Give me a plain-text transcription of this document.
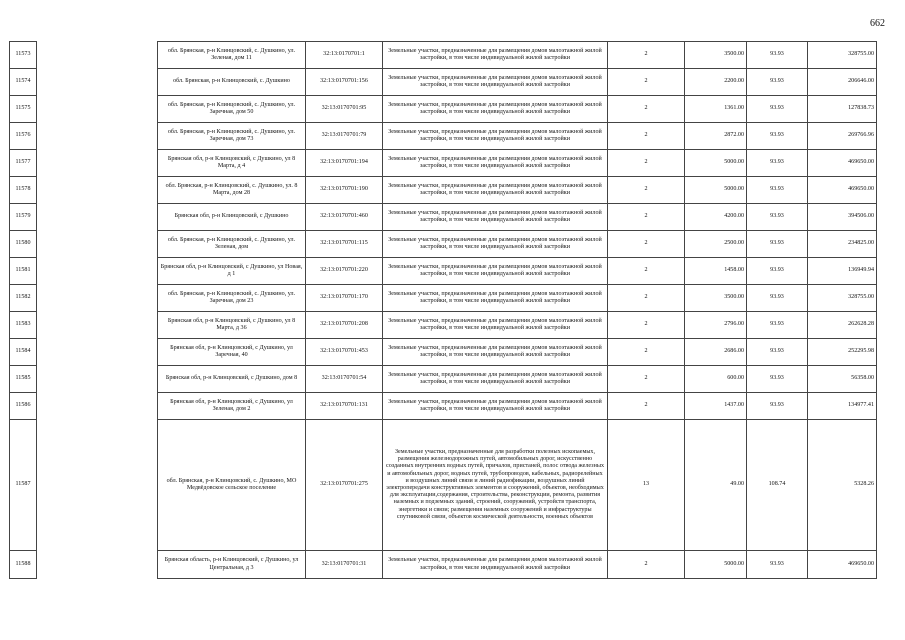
662
11573		обл. Брянская, р-н Клинцовский, с. Душкино, ул. Зеленая, дом 11	32:13:0170701:1	Земельные участки, предназначенные для размещения домов малоэтажной жилой застройки, в том числе индивидуальной жилой застройки	2	3500.00	93.93	328755.00
11574		обл. Брянская, р-н Клинцовский, с. Душкино	32:13:0170701:156	Земельные участки, предназначенные для размещения домов малоэтажной жилой застройки, в том числе индивидуальной жилой застройки	2	2200.00	93.93	206646.00
11575		обл. Брянская, р-н Клинцовский, с. Душкино, ул. Заречная, дом 50	32:13:0170701:95	Земельные участки, предназначенные для размещения домов малоэтажной жилой застройки, в том числе индивидуальной жилой застройки	2	1361.00	93.93	127838.73
11576		обл. Брянская, р-н Клинцовский, с. Душкино, ул. Заречная, дом 73	32:13:0170701:79	Земельные участки, предназначенные для размещения домов малоэтажной жилой застройки, в том числе индивидуальной жилой застройки	2	2872.00	93.93	269766.96
11577		Брянская обл, р-н Клинцовский, с Душкино, ул 8 Марта, д 4	32:13:0170701:194	Земельные участки, предназначенные для размещения домов малоэтажной жилой застройки, в том числе индивидуальной жилой застройки	2	5000.00	93.93	469650.00
11578		обл. Брянская, р-н Клинцовский, с. Душкино, ул. 8 Марта, дом 28	32:13:0170701:190	Земельные участки, предназначенные для размещения домов малоэтажной жилой застройки, в том числе индивидуальной жилой застройки	2	5000.00	93.93	469650.00
11579		Брянская обл, р-н Клинцовский, с Душкино	32:13:0170701:460	Земельные участки, предназначенные для размещения домов малоэтажной жилой застройки, в том числе индивидуальной жилой застройки	2	4200.00	93.93	394506.00
11580		обл. Брянская, р-н Клинцовский, с. Душкино, ул. Зеленая, дом	32:13:0170701:115	Земельные участки, предназначенные для размещения домов малоэтажной жилой застройки, в том числе индивидуальной жилой застройки	2	2500.00	93.93	234825.00
11581		Брянская обл, р-н Клинцовский, с Душкино, ул Новая, д 1	32:13:0170701:220	Земельные участки, предназначенные для размещения домов малоэтажной жилой застройки, в том числе индивидуальной жилой застройки	2	1458.00	93.93	136949.94
11582		обл. Брянская, р-н Клинцовский, с. Душкино, ул. Заречная, дом 23	32:13:0170701:170	Земельные участки, предназначенные для размещения домов малоэтажной жилой застройки, в том числе индивидуальной жилой застройки	2	3500.00	93.93	328755.00
11583		Брянская обл, р-н Клинцовский, с Душкино, ул 8 Марта, д 36	32:13:0170701:208	Земельные участки, предназначенные для размещения домов малоэтажной жилой застройки, в том числе индивидуальной жилой застройки	2	2796.00	93.93	262628.28
11584		Брянская обл, р-н Клинцовский, с Душкино, ул Заречная, 40	32:13:0170701:453	Земельные участки, предназначенные для размещения домов малоэтажной жилой застройки, в том числе индивидуальной жилой застройки	2	2686.00	93.93	252295.98
11585		Брянская обл, р-н Клинцовский, с Душкино, дом 8	32:13:0170701:54	Земельные участки, предназначенные для размещения домов малоэтажной жилой застройки, в том числе индивидуальной жилой застройки	2	600.00	93.93	56358.00
11586		Брянская обл, р-н Клинцовский, с Душкино, ул Зеленая, дом 2	32:13:0170701:131	Земельные участки, предназначенные для размещения домов малоэтажной жилой застройки, в том числе индивидуальной жилой застройки	2	1437.00	93.93	134977.41
11587		обл. Брянская, р-н Клинцовский, с. Душкино, МО Медвёдовское сельское поселение	32:13:0170701:275	Земельные участки, предназначенные для разработки полезных ископаемых, размещения железнодорожных путей, автомобильных дорог, искусственно созданных внутренних водных путей, причалов, пристаней, полос отвода железных и автомобильных дорог, водных путей, трубопроводов, кабельных, радиорелейных и воздушных линий связи и линий радиофикации, воздушных линий электропередачи конструктивных элементов и сооружений, объектов, необходимых для эксплуатации,содержания, строительства, реконструкции, ремонта, развития наземных и подземных зданий, строений, сооружений, устройств транспорта, энергетики и связи; размещения наземных сооружений и инфраструктуры спутниковой связи, объектов космической деятельности, военных объектов	13	49.00	108.74	5328.26
11588		Брянская область, р-н Клинцовский, с Душкино, ул Центральная, д 3	32:13:0170701:31	Земельные участки, предназначенные для размещения домов малоэтажной жилой застройки, в том числе индивидуальной жилой застройки	2	5000.00	93.93	469650.00
